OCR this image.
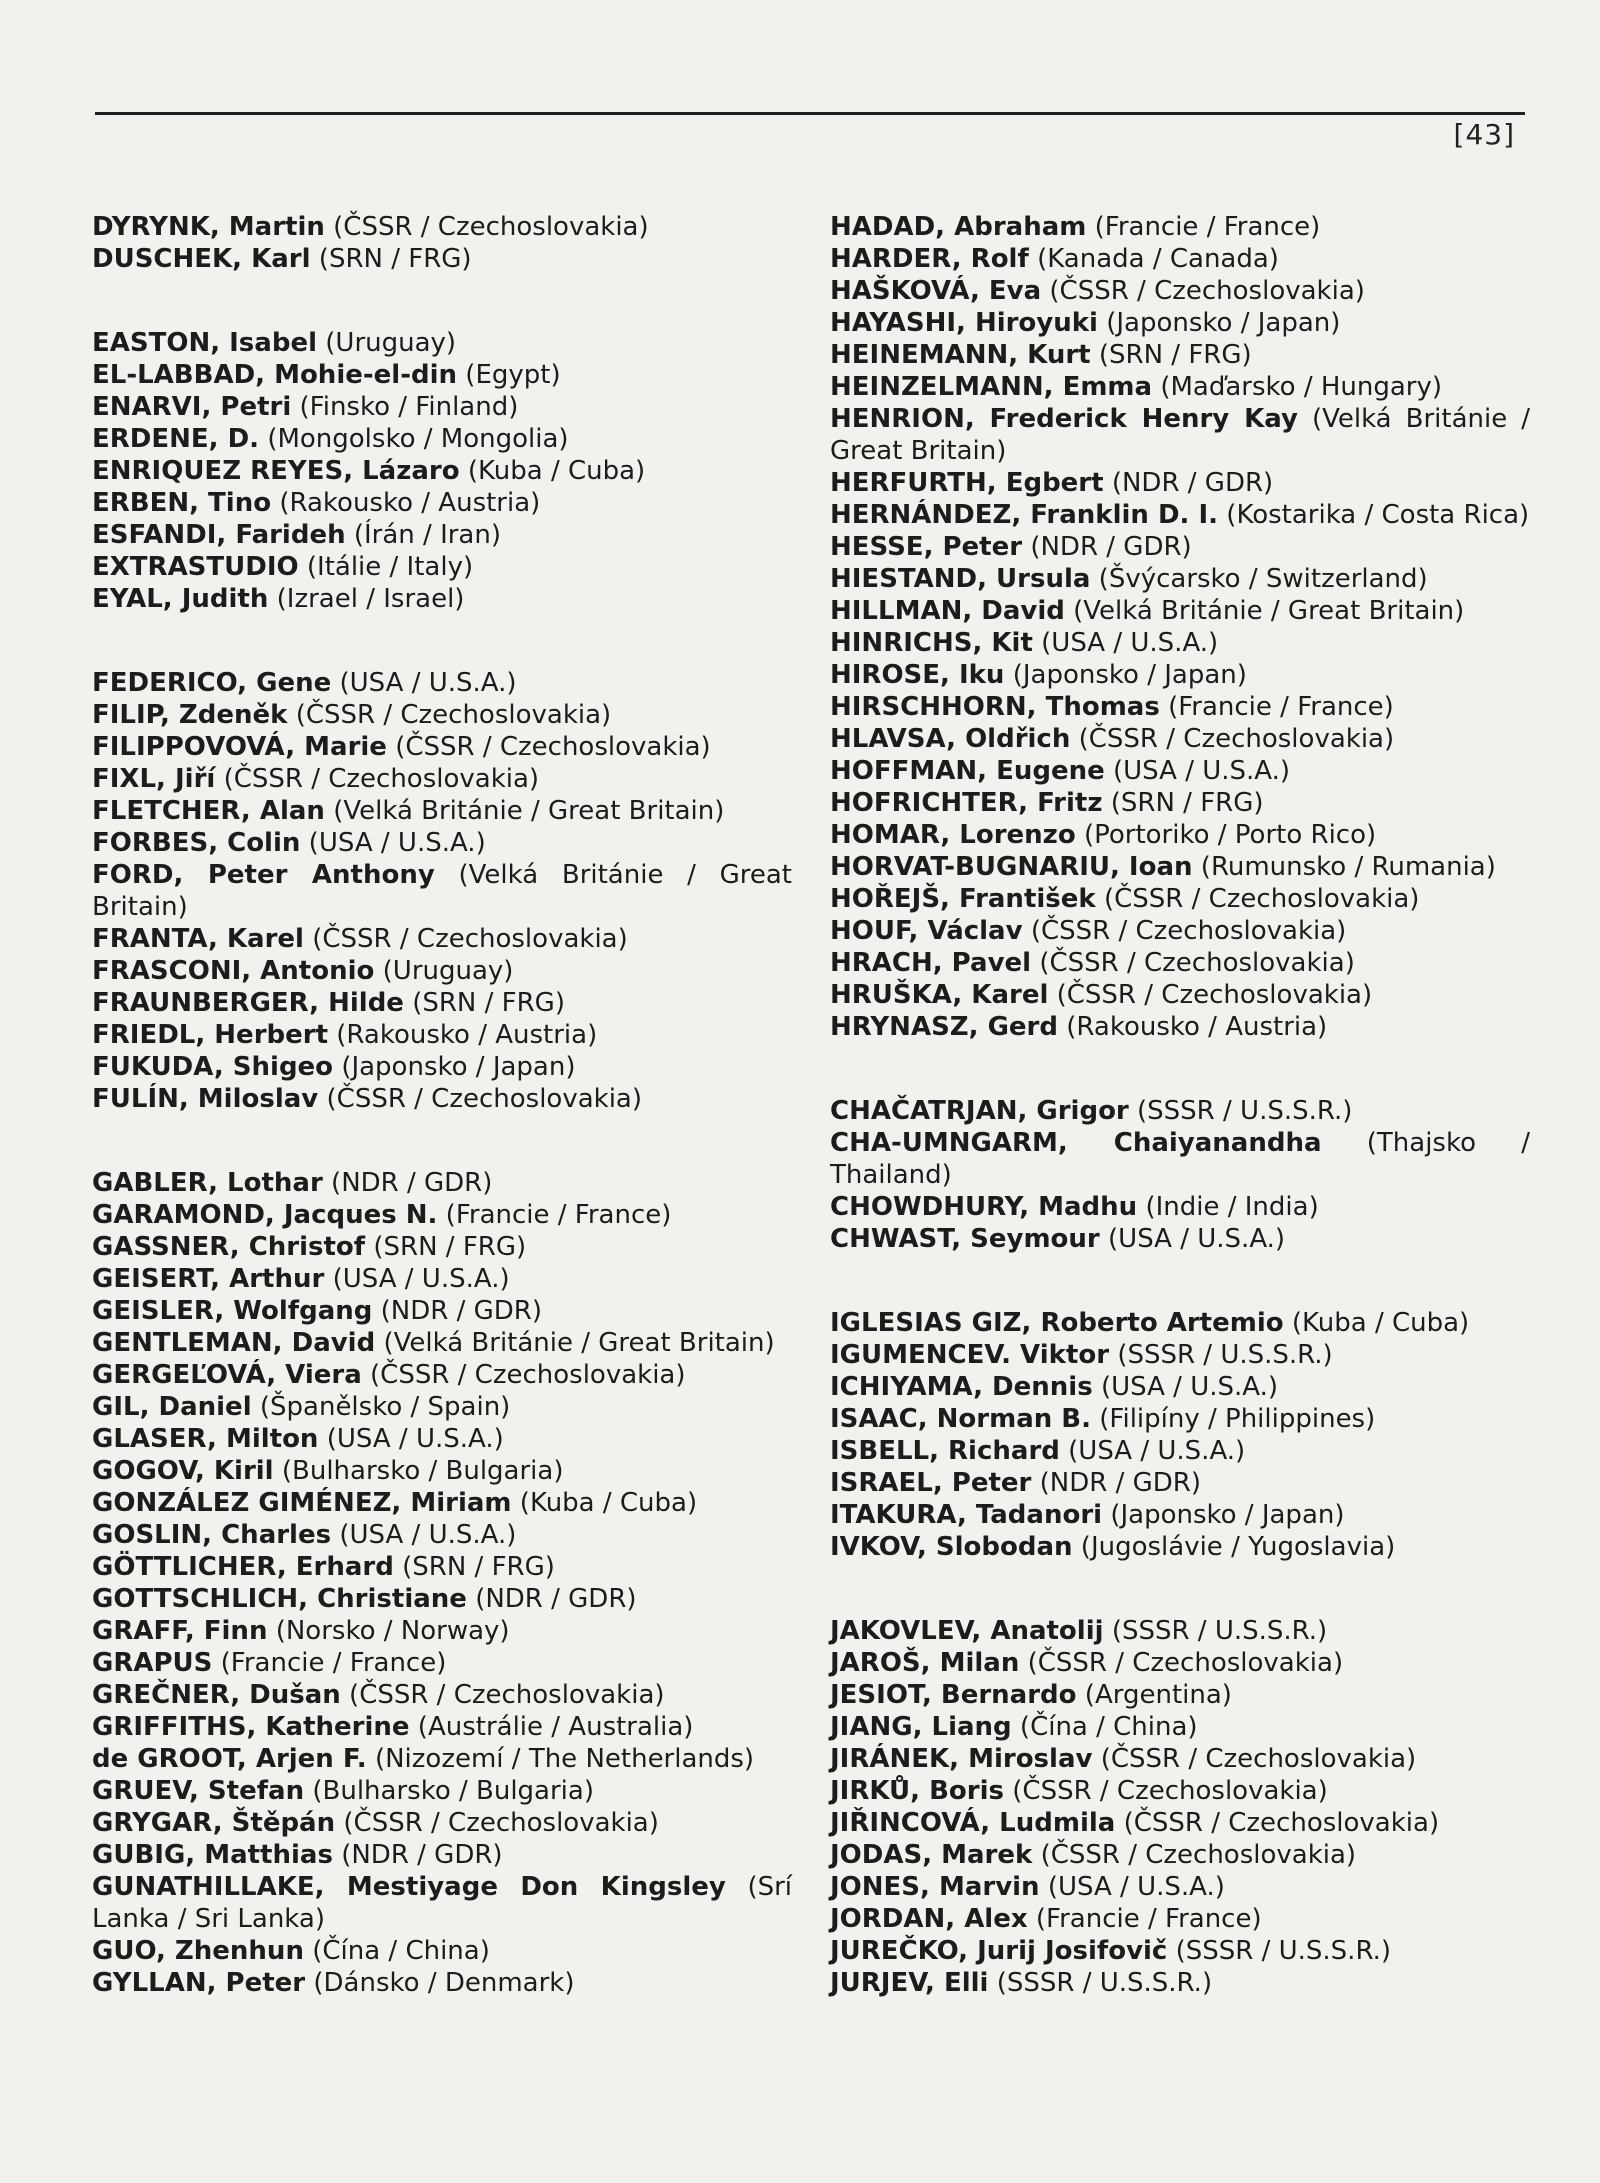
[43]

DYRYNK, Martin (ČSSR / Czechoslovakia)

DUSCHEK, Karl (SRN / FRG)

EASTON, Isabel (Uruguay)

EL-LABBAD, Mohie-el-din (Egypt)

ENARVI, Petri (Finsko / Finland)

ERDENE, D. (Mongolsko / Mongolia)

ENRIQUEZ REYES, Lázaro (Kuba / Cuba)

ERBEN, Tino (Rakousko / Austria)

ESFANDI, Farideh (Írán / Iran)

EXTRASTUDIO (Itálie / Italy)

EYAL, Judith (Izrael / Israel)

FEDERICO, Gene (USA / U.S.A.)

FILIP, Zdeněk (ČSSR / Czechoslovakia)

FILIPPOVOVÁ, Marie (ČSSR / Czechoslovakia)

FIXL, Jiří (ČSSR / Czechoslovakia)

FLETCHER, Alan (Velká Británie / Great Britain)

FORBES, Colin (USA / U.S.A.)

FORD, Peter Anthony (Velká Británie / Great Britain)

FRANTA, Karel (ČSSR / Czechoslovakia)

FRASCONI, Antonio (Uruguay)

FRAUNBERGER, Hilde (SRN / FRG)

FRIEDL, Herbert (Rakousko / Austria)

FUKUDA, Shigeo (Japonsko / Japan)

FULÍN, Miloslav (ČSSR / Czechoslovakia)

GABLER, Lothar (NDR / GDR)

GARAMOND, Jacques N. (Francie / France)

GASSNER, Christof (SRN / FRG)

GEISERT, Arthur (USA / U.S.A.)

GEISLER, Wolfgang (NDR / GDR)

GENTLEMAN, David (Velká Británie / Great Britain)

GERGEĽOVÁ, Viera (ČSSR / Czechoslovakia)

GIL, Daniel (Španělsko / Spain)

GLASER, Milton (USA / U.S.A.)

GOGOV, Kiril (Bulharsko / Bulgaria)

GONZÁLEZ GIMÉNEZ, Miriam (Kuba / Cuba)

GOSLIN, Charles (USA / U.S.A.)

GÖTTLICHER, Erhard (SRN / FRG)

GOTTSCHLICH, Christiane (NDR / GDR)

GRAFF, Finn (Norsko / Norway)

GRAPUS (Francie / France)

GREČNER, Dušan (ČSSR / Czechoslovakia)

GRIFFITHS, Katherine (Austrálie / Australia)

de GROOT, Arjen F. (Nizozemí / The Netherlands)

GRUEV, Stefan (Bulharsko / Bulgaria)

GRYGAR, Štěpán (ČSSR / Czechoslovakia)

GUBIG, Matthias (NDR / GDR)

GUNATHILLAKE, Mestiyage Don Kingsley (Srí Lanka / Sri Lanka)

GUO, Zhenhun (Čína / China)

GYLLAN, Peter (Dánsko / Denmark)

HADAD, Abraham (Francie / France)

HARDER, Rolf (Kanada / Canada)

HAŠKOVÁ, Eva (ČSSR / Czechoslovakia)

HAYASHI, Hiroyuki (Japonsko / Japan)

HEINEMANN, Kurt (SRN / FRG)

HEINZELMANN, Emma (Maďarsko / Hungary)

HENRION, Frederick Henry Kay (Velká Británie / Great Britain)

HERFURTH, Egbert (NDR / GDR)

HERNÁNDEZ, Franklin D. I. (Kostarika / Costa Rica)

HESSE, Peter (NDR / GDR)

HIESTAND, Ursula (Švýcarsko / Switzerland)

HILLMAN, David (Velká Británie / Great Britain)

HINRICHS, Kit (USA / U.S.A.)

HIROSE, Iku (Japonsko / Japan)

HIRSCHHORN, Thomas (Francie / France)

HLAVSA, Oldřich (ČSSR / Czechoslovakia)

HOFFMAN, Eugene (USA / U.S.A.)

HOFRICHTER, Fritz (SRN / FRG)

HOMAR, Lorenzo (Portoriko / Porto Rico)

HORVAT-BUGNARIU, Ioan (Rumunsko / Rumania)

HOŘEJŠ, František (ČSSR / Czechoslovakia)

HOUF, Václav (ČSSR / Czechoslovakia)

HRACH, Pavel (ČSSR / Czechoslovakia)

HRUŠKA, Karel (ČSSR / Czechoslovakia)

HRYNASZ, Gerd (Rakousko / Austria)

CHAČATRJAN, Grigor (SSSR / U.S.S.R.)

CHA-UMNGARM, Chaiyanandha (Thajsko / Thailand)

CHOWDHURY, Madhu (Indie / India)

CHWAST, Seymour (USA / U.S.A.)

IGLESIAS GIZ, Roberto Artemio (Kuba / Cuba)

IGUMENCEV. Viktor (SSSR / U.S.S.R.)

ICHIYAMA, Dennis (USA / U.S.A.)

ISAAC, Norman B. (Filipíny / Philippines)

ISBELL, Richard (USA / U.S.A.)

ISRAEL, Peter (NDR / GDR)

ITAKURA, Tadanori (Japonsko / Japan)

IVKOV, Slobodan (Jugoslávie / Yugoslavia)

JAKOVLEV, Anatolij (SSSR / U.S.S.R.)

JAROŠ, Milan (ČSSR / Czechoslovakia)

JESIOT, Bernardo (Argentina)

JIANG, Liang (Čína / China)

JIRÁNEK, Miroslav (ČSSR / Czechoslovakia)

JIRKŮ, Boris (ČSSR / Czechoslovakia)

JIŘINCOVÁ, Ludmila (ČSSR / Czechoslovakia)

JODAS, Marek (ČSSR / Czechoslovakia)

JONES, Marvin (USA / U.S.A.)

JORDAN, Alex (Francie / France)

JUREČKO, Jurij Josifovič (SSSR / U.S.S.R.)

JURJEV, Elli (SSSR / U.S.S.R.)
